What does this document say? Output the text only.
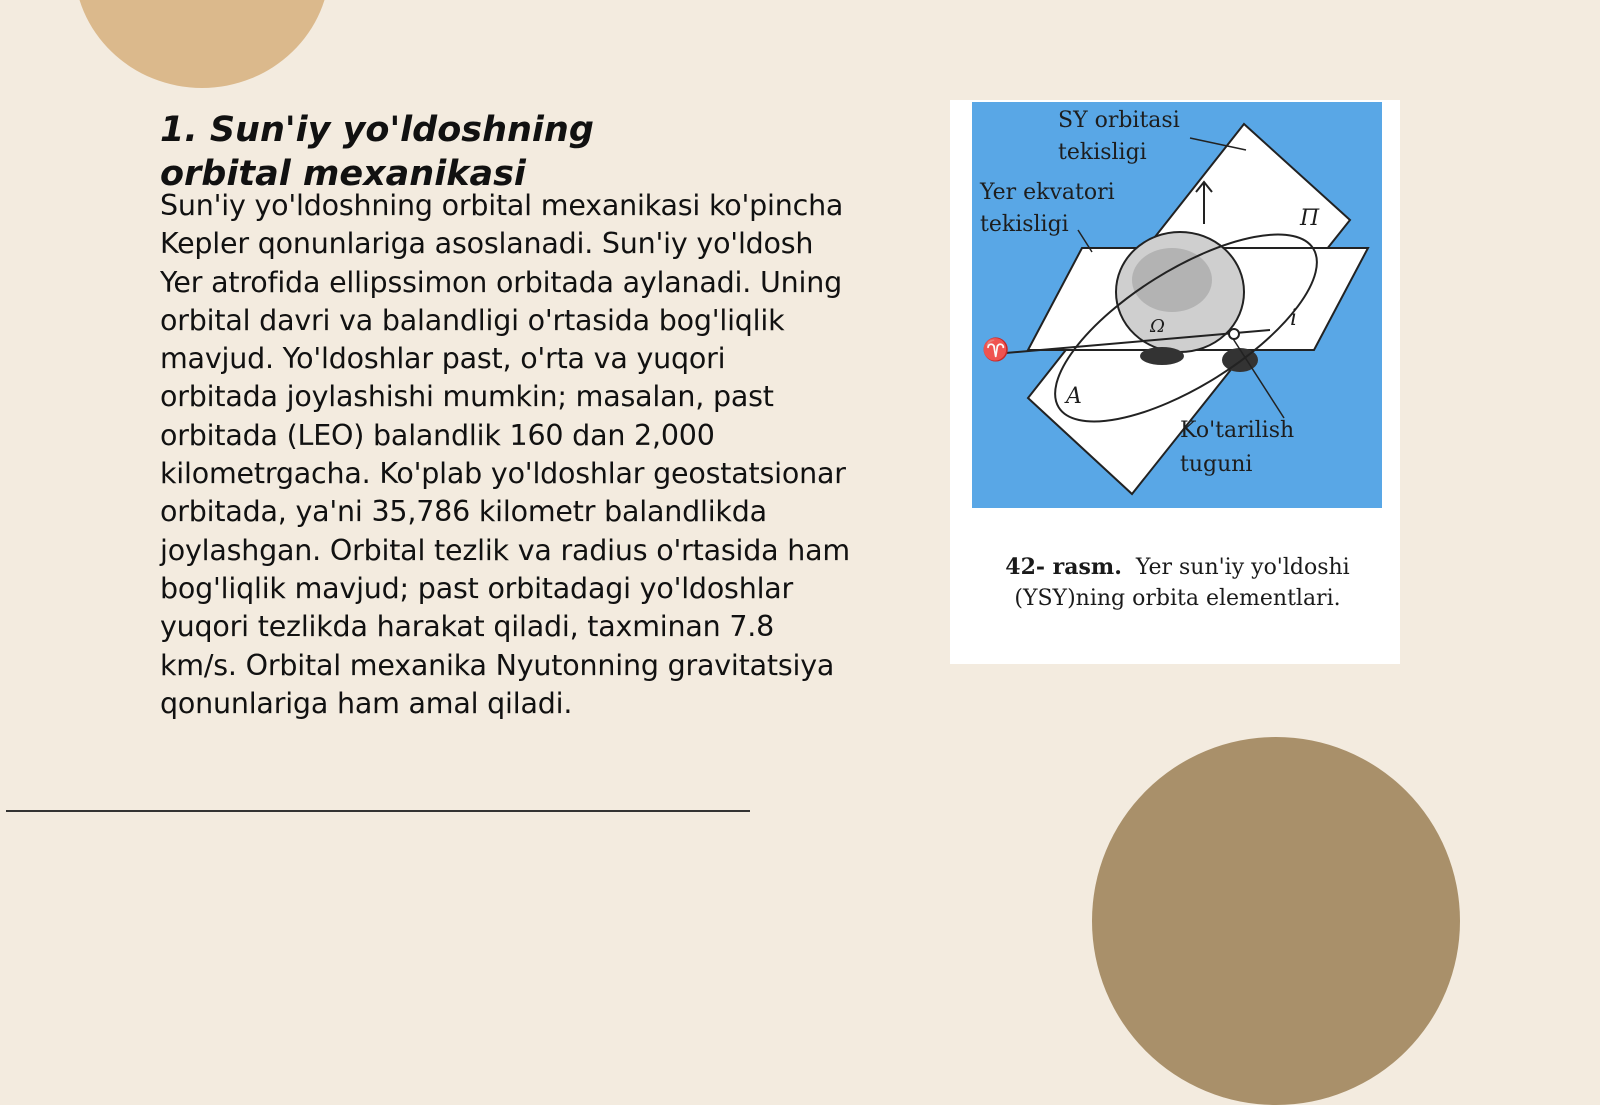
1. Sun'iy yo'ldoshning orbital mexanikasi

Sun'iy yo'ldoshning orbital mexanikasi ko'pincha Kepler qonunlariga asoslanadi. Sun'iy yo'ldosh Yer atrofida ellipssimon orbitada aylanadi. Uning orbital davri va balandligi o'rtasida bog'liqlik mavjud. Yo'ldoshlar past, o'rta va yuqori orbitada joylashishi mumkin; masalan, past orbitada (LEO) balandlik 160 dan 2,000 kilometrgacha. Ko'plab yo'ldoshlar geostatsionar orbitada, ya'ni 35,786 kilometr balandlikda joylashgan. Orbital tezlik va radius o'rtasida ham bog'liqlik mavjud; past orbitadagi yo'ldoshlar yuqori tezlikda harakat qiladi, taxminan 7.8 km/s. Orbital mexanika Nyutonning gravitatsiya qonunlariga ham amal qiladi.

SY orbitasi
tekisligi
Yer ekvatori
tekisligi	П
i
Ω
♈
A
Ko'tarilish
tuguni
42- rasm. Yer sun'iy yo'ldoshi (YSY)ning orbita elementlari.
